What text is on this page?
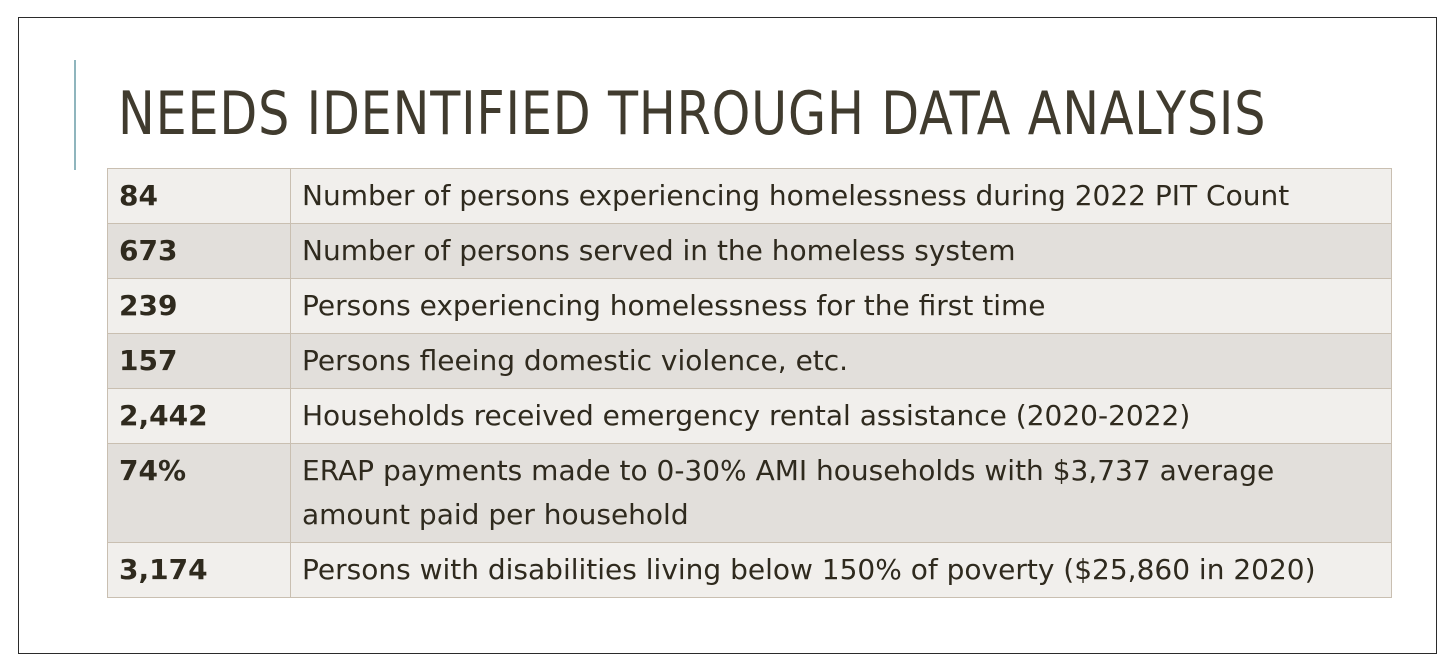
NEEDS IDENTIFIED THROUGH DATA ANALYSIS
84	Number of persons experiencing homelessness during 2022 PIT Count
673	Number of persons served in the homeless system
239	Persons experiencing homelessness for the first time
157	Persons fleeing domestic violence, etc.
2,442	Households received emergency rental assistance (2020-2022)
74%	ERAP payments made to 0-30% AMI households with $3,737 average amount paid per household
3,174	Persons with disabilities living below 150% of poverty ($25,860 in 2020)
